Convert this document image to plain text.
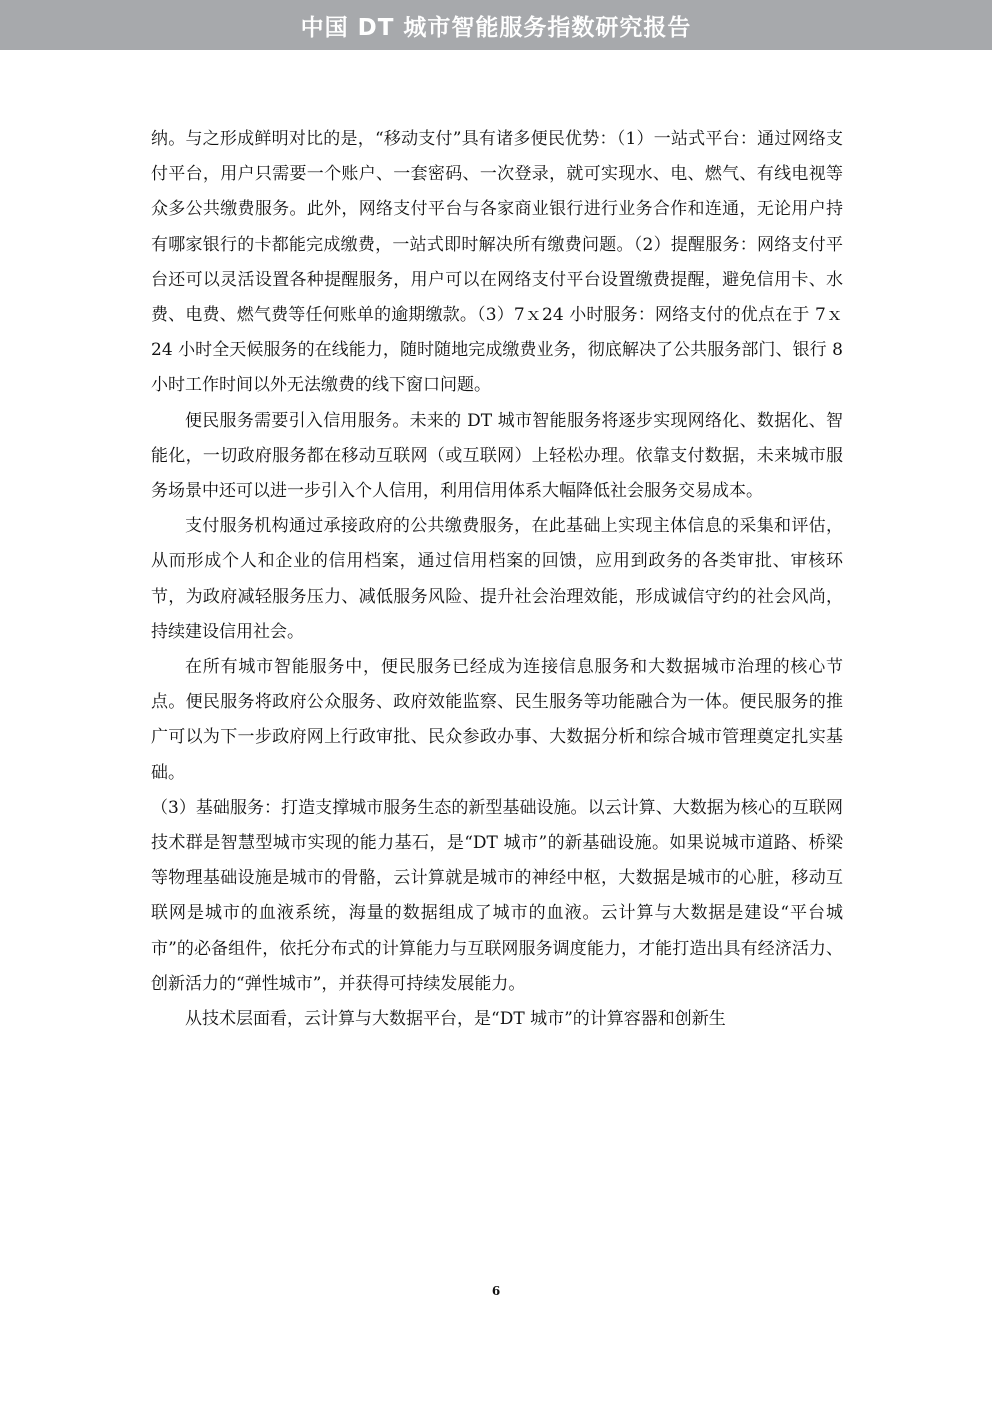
中国 DT 城市智能服务指数研究报告

纳。与之形成鲜明对比的是，“移动支付”具有诸多便民优势：（1）一站式平台：通过网络支付平台，用户只需要一个账户、一套密码、一次登录，就可实现水、电、燃气、有线电视等众多公共缴费服务。此外，网络支付平台与各家商业银行进行业务合作和连通，无论用户持有哪家银行的卡都能完成缴费，一站式即时解决所有缴费问题。（2）提醒服务：网络支付平台还可以灵活设置各种提醒服务，用户可以在网络支付平台设置缴费提醒，避免信用卡、水费、电费、燃气费等任何账单的逾期缴款。（3）7ｘ24 小时服务：网络支付的优点在于 7ｘ24 小时全天候服务的在线能力，随时随地完成缴费业务，彻底解决了公共服务部门、银行 8 小时工作时间以外无法缴费的线下窗口问题。

便民服务需要引入信用服务。未来的 DT 城市智能服务将逐步实现网络化、数据化、智能化，一切政府服务都在移动互联网（或互联网）上轻松办理。依靠支付数据，未来城市服务场景中还可以进一步引入个人信用，利用信用体系大幅降低社会服务交易成本。

支付服务机构通过承接政府的公共缴费服务，在此基础上实现主体信息的采集和评估，从而形成个人和企业的信用档案，通过信用档案的回馈，应用到政务的各类审批、审核环节，为政府减轻服务压力、减低服务风险、提升社会治理效能，形成诚信守约的社会风尚，持续建设信用社会。

在所有城市智能服务中，便民服务已经成为连接信息服务和大数据城市治理的核心节点。便民服务将政府公众服务、政府效能监察、民生服务等功能融合为一体。便民服务的推广可以为下一步政府网上行政审批、民众参政办事、大数据分析和综合城市管理奠定扎实基础。

（3）基础服务：打造支撑城市服务生态的新型基础设施。以云计算、大数据为核心的互联网技术群是智慧型城市实现的能力基石，是“DT 城市”的新基础设施。如果说城市道路、桥梁等物理基础设施是城市的骨骼，云计算就是城市的神经中枢，大数据是城市的心脏，移动互联网是城市的血液系统，海量的数据组成了城市的血液。云计算与大数据是建设“平台城市”的必备组件，依托分布式的计算能力与互联网服务调度能力，才能打造出具有经济活力、创新活力的“弹性城市”，并获得可持续发展能力。

从技术层面看，云计算与大数据平台，是“DT 城市”的计算容器和创新生

6
